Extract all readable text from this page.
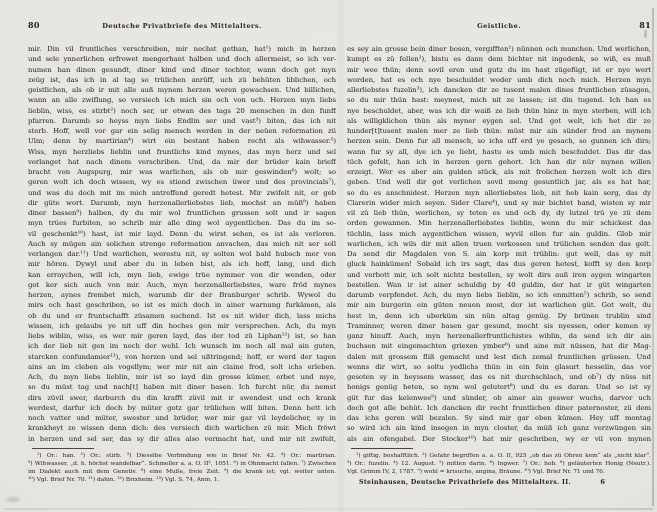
80	Deutsche Privatbriefe des Mittelalters.
mir. Din vil fruntliches verschreiben, mir nechst gethan, hat¹) mich in herzen
und sele ynnerlichen erfrowet mengerhant halben und doch allermeist, so ich ver-
numen han dinen gesundt, diner kind und diner tochter, wann doch got myn
zeüg ist, das ich in al tag so trülichen anrüff, uch zü behüten liblichen, och
geistlichen, als ob ir mit alle auß mynem herzen weren gewachsen. Und billichen,
wann an alle zwiflung, so versiech ich mich sin och von uch. Herzen myn liebs
lieblin, wiss, es stirbt²) noch ser, ur etwan des tags 20 menschen in den funff
pfarren. Darumb so heyss myn liebs Endlin ser und vast³) biten, das ich nit
sterb. Hoff, well vor gar ein selig mensch werden in der neüen reformation zü
Ulm; denn by martirian⁴) wirt ein bestant haben recht als wihwasser.⁵)
Wiss, myn herzliebs lieblin und fruntlichs kind mynes, das myn herz und sel
verlanget hat nach dinem verschriben. Und, da mir der brüder kain brieff
bracht von Augspurg, mir was warlichen, als ob mir geswinden⁶) wolt; so
geren wolt ich doch wissen, wy es stiend zwischen üwer und des provincials⁷),
und was du doch mit im mich antreffend geredt hetest. Mir zwifelt nit, er geb
dir güte wort. Darumb, myn herzenallerliebstes lieb, mochst an müß⁸) haben
diner bassen⁹) halben, dy du mir wol fruntlichen grussen solt und ir sagen
myn trües furbiten, so schrib mir alle ding wol aygentlichen. Das du im so-
vil geschenkt¹⁰) hast, ist mir layd. Denn du wirst sehen, es ist als verloren.
Auch sy mügen ain solichen strenge reformation anvachen, das mich nit ser soll
verlangen dar.¹¹) Und warlichen, werestu nit, sy solten wol bald hubsch mer von
mir hören. Dywyl und aber du in leben bist, als ich hoff, lang, und dich
kan erraychen, will ich, myn lieb, ewige trüe nymmer von dir wenden, oder
got ker sich auch von mir. Auch, myn herzenallerliebstes, ware fröd mynes
herzen, aynes frembet mich, warumb dir der Branburger schrib. Wywol du
mirs och hast geschriben, so ist es mich doch in ainer warnung furkämen, als
ob du und er fruntschafft züsamen suchend. Ist es nit wider dich, lass michs
wissen, ich gelaubs ye nit uff din hoches gen mir versprechen. Ach, du myn
liebs wiblin, wiss, es wer mir geren layd, das der tod zü Liphan¹²) ist, so han
ich der lieb nit gen im noch der wehl. Ich wunsch im noch all mal ain guten,
starcken confundamier¹³), von herzen und sel ußtringend; hoff, er werd der tagen
ains an im cleben als vogellym; wer mir nit ain claine frod, solt ichs erleben.
Ach, du myn liebs lieblin, mir ist so layd din grosse kümer, erbet und mye,
so du müst tag und nach[t] haben mit diner basen. Ich furcht nür, du nemst
dirs züvil swer, darburch du din krafft züvil mit ir swendest und och krank
werdest, darfur ich doch by müter gotz gar trülichen will biten. Denn hett ich
noch vatter und müter, swester und brüder, wer mir gar vil leydelicher, sy in
krankheyt ze wissen denn dich: des versiech dich warlichen zü mir. Mich fröwt
in herzen und sel ser, das sy dir alles also vermacht hat, und mir nit zwifelt,
¹) Or.: han. ²) Or.: stirb. ³) Dieselbe Verbindung wie in Brief Nr. 42. ⁴) Or.: martirian.
⁵) Wihwasser, „d. h. höchst wandelbar“. Schmeller a. a. O. II², 1051. ⁶) in Ohnmacht fallen. ⁷) Zwischen
im Dialekt auch mit dem Genetiv. ⁸) eine Muße, freie Zeit. ⁹) die krank ist; vgl. weiter unten.
¹⁰) Vgl. Brief Nr. 70. ¹¹) dahin. ¹²) Brixheim. ¹³) Vgl. S. 74, Anm. 1.
Geistliche.	81
es sey ain grosse bein diner bosen, vergifften¹) nünnen och munchen. Und werlichen,
kumpt es zü fellen²), bistu es dann dem bichter nit ingedenk, so wiß, es muß
mir wee thün; denn sovil eren und gutz du im hast zügefügt, ist er nye wert
worden, hat es och nye beschuldet weder umb dich noch mich. Herzen myn
allerliebstes fuzelin³), ich dancken dir ze tusent malen dines fruntlichen züsagen,
so du mir thün hast: meynest, mich nit ze lassen; ist din tugend. Ich han es
nye beschuldet, aber, was ich dir waiß ze lieb thün hinz in myn sterben, will ich
als willigklichen thün als myner eygen sel. Und got welt, ich het dir ze
hunder[t]tusent malen mer ze lieb thün: müst mir ain sünder frod an mynem
herzen sein. Denn fur all mensch, so ichs uff erd ye gesach, so gunnen ich dirs;
wann fur sy all, dye ich ye liebt, hastu es umb mich beschuldet. Das dir das
tüch gefelt, han ich in herzen gern gehort. Ich han dir nür mynen willen
erzeigt. Wer es aber ain gulden stück, als mit frolichen herzen wolt ich dirs
geben. Und well dir got verlichen sovil meng gesuntlich jar, als es hat har,
so du es anschnidest. Herzen myn allerliebstes lieb, nit heb kain sorg, das dy
Clarerin wider mich seyen. Sider Clare⁴), und sy mir bichtet hand, wisten sy mir
vil zü lieb thün, werlichen, sy teten es und och dy, dy lutzel trü ye zü dem
orden gewannen. Min herzenallerliebstes lieblin, wenn du mir schickest das
tüchlin, lass mich aygentlichen wissen, wyvil ellen fur ain guldin. Glob mir
warlichen, ich wils dir mit allen truen verkossen und trülichen senden das gelt.
Da send dir Magdalen von S. ain korp mit trüblin: gut well, das sy mit
gluck hainkümen! Sobald ich irs sagt, das dus geren hetest, kofft sy den korp
und verbott mir, ich solt nichtz bestellen, sy wolt dirs auß iren aygen wingarten
bestellen. Wan ir ist ainer schuldig by 40 guldin, der hat ir güt wingarten
darumb verpfendet. Ach, du myn liebs lieblin, so ich enmitten⁵) schrib, so send
mir ain burgerin ein güten neuen most, der ist warlichen güt. Got welt, du
hest in, denn ich uberküm sin nün altag genüg. Dy brünen trublin sind
Traminner, weren diner basen gar gesund, mocht sis nyessen, oder kemen sy
ganz hinuff. Auch, myn herzenallerfruntlichistes wiblin, da send ich dir ain
buchsen mit eingemachten griexen ymber⁶) und aine mit nüssen, hat dir Mag-
dalen mit grossem fliß gemacht und lest dich zemal fruntlichen grüssen. Und
wenns dir wirt, so soltu yedlichs thün in ein fein glasurt hesselin, das vor
gesoten sy in heyssem wasser, das es nit durchschlach, und ob⁷) dy nüss nit
honigs genüg heten, so nym wol gelutert⁸) und du es daran. Und so ist sy
güt fur das kelenwee⁹) und sünder, ob ainer ain geswer wuchs, darvor uch
doch got alle behüt. Ich dancken dir recht fruntlichen diner paternoster, zü dem
das ichs geren will bezalen. Sy sind mir gar eben kümen. Hey uff montag
so wird ich ain kind insegen in myn closter, da müß ich ganz verzwüngen sin
als ain ofengabel. Der Stocker¹⁰) hat mir geschriben, wy er vil von mynen
¹) giftig, boshafftlich. ²) Gefahr begriffen a. a. O. II, 925 „ob das zü Ohren kem“ als „nicht klar“.
³) Or.: fuzelin. ⁴) 12. August. ⁵) mitten darin. ⁶) Ingwer. ⁷) Or.: hob. ⁸) geläuterten Honig (Neutr.).
Vgl. Grimm IV, 2, 1787. ⁹) wohl = krisuche, angina, Bräune. ¹⁰) Vgl. Brief Nr. 71 und 76.
Steinhausen, Deutsche Privatbriefe des Mittelalters. II.	6
